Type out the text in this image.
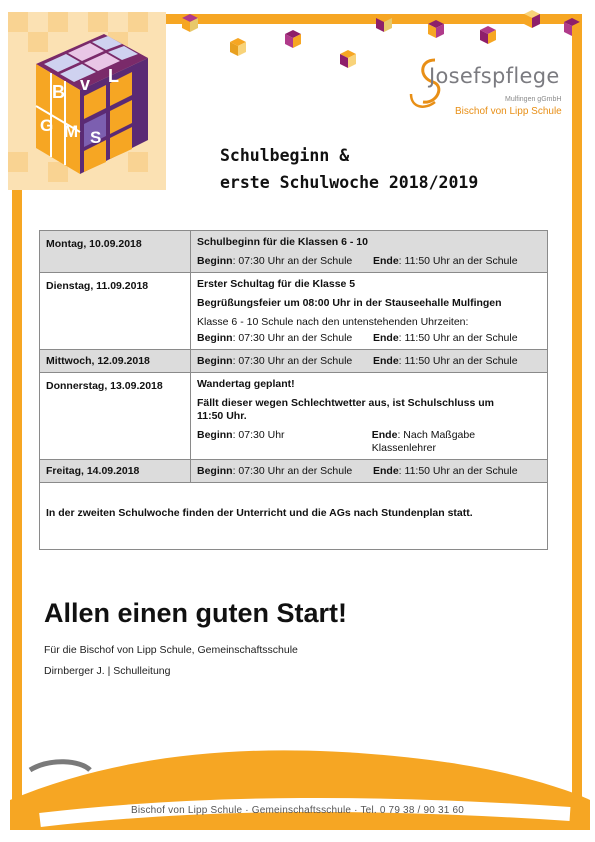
B v L
G M S
Josefspflege
Mulfingen gGmbH
Bischof von Lipp Schule
Schulbeginn &
erste Schulwoche 2018/2019
Montag, 10.09.2018	Schulbeginn für die Klassen 6 - 10
Beginn: 07:30 Uhr an der Schule Ende: 11:50 Uhr an der Schule

Dienstag, 11.09.2018	Erster Schultag für die Klasse 5
Begrüßungsfeier um 08:00 Uhr in der Stauseehalle Mulfingen
Klasse 6 - 10 Schule nach den untenstehenden Uhrzeiten:
Beginn: 07:30 Uhr an der Schule Ende: 11:50 Uhr an der Schule

Mittwoch, 12.09.2018	Beginn: 07:30 Uhr an der Schule Ende: 11:50 Uhr an der Schule

Donnerstag, 13.09.2018	Wandertag geplant!
Fällt dieser wegen Schlechtwetter aus, ist Schulschluss um 11:50 Uhr.
Beginn: 07:30 Uhr Ende: Nach Maßgabe Klassenlehrer

Freitag, 14.09.2018	Beginn: 07:30 Uhr an der Schule Ende: 11:50 Uhr an der Schule

In der zweiten Schulwoche finden der Unterricht und die AGs nach Stundenplan statt.	
Allen einen guten Start!
Für die Bischof von Lipp Schule, Gemeinschaftsschule
Dirnberger J. | Schulleitung
Bischof von Lipp Schule · Gemeinschaftsschule · Tel. 0 79 38 / 90 31 60
